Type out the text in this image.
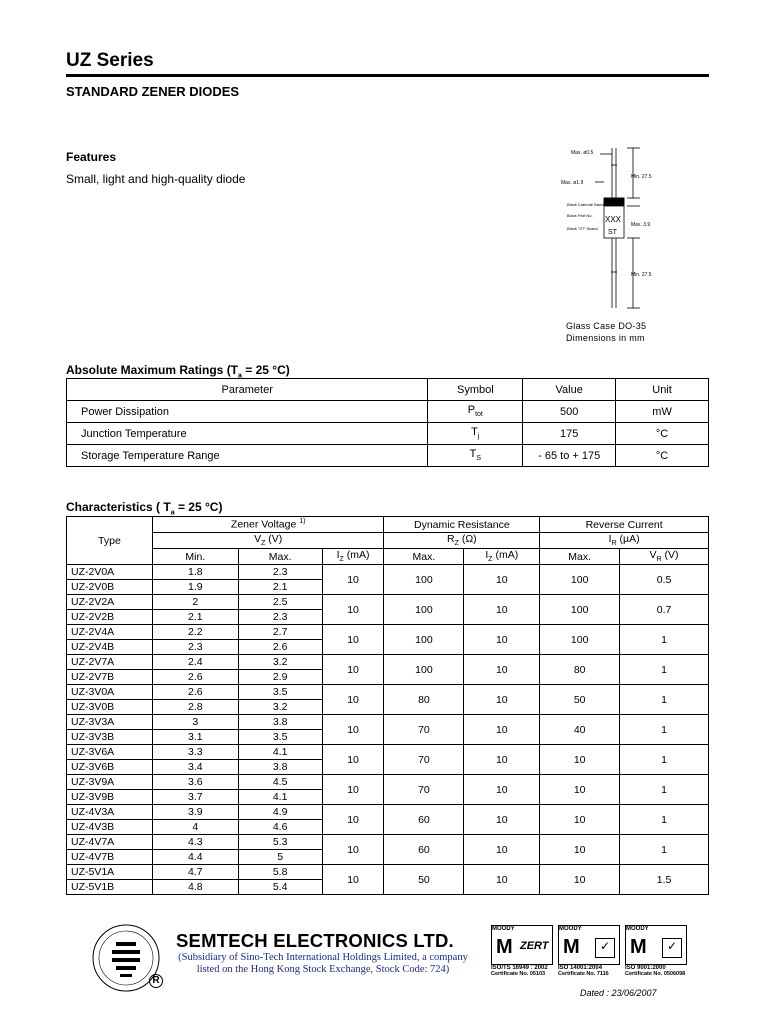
UZ Series
STANDARD ZENER DIODES
Features
Small, light and high-quality diode
Max. ø0.5
Min. 27.5
Max. ø1.9
Black Cathode Band
Black Part No.
Black "ST" Brand
XXX
ST
Max. 3.9
Min. 27.5
Glass Case DO-35
Dimensions in mm
Absolute Maximum Ratings ($T_a = 25$ °C)
Parameter	Symbol	Value	Unit
Power Dissipation	$P_{tot}$	500	mW
Junction Temperature	$T_j$	175	°C
Storage Temperature Range	$T_S$	- 65 to + 175	°C
Characteristics ( $T_a = 25$ °C)
Type	Zener Voltage $^{1)}$			Dynamic Resistance		Reverse Current	
	$V_Z$ (V)			$R_Z$ (Ω)		$I_R$ (µA)	
	Min.	Max.	$I_Z$ (mA)	Max.	$I_Z$ (mA)	Max.	$V_R$ (V)
UZ-2V0A	1.8	2.3	10	100	10	100	0.5
UZ-2V0B	1.9	2.1					
UZ-2V2A	2	2.5	10	100	10	100	0.7
UZ-2V2B	2.1	2.3					
UZ-2V4A	2.2	2.7	10	100	10	100	1
UZ-2V4B	2.3	2.6					
UZ-2V7A	2.4	3.2	10	100	10	80	1
UZ-2V7B	2.6	2.9					
UZ-3V0A	2.6	3.5	10	80	10	50	1
UZ-3V0B	2.8	3.2					
UZ-3V3A	3	3.8	10	70	10	40	1
UZ-3V3B	3.1	3.5					
UZ-3V6A	3.3	4.1	10	70	10	10	1
UZ-3V6B	3.4	3.8					
UZ-3V9A	3.6	4.5	10	70	10	10	1
UZ-3V9B	3.7	4.1					
UZ-4V3A	3.9	4.9	10	60	10	10	1
UZ-4V3B	4	4.6					
UZ-4V7A	4.3	5.3	10	60	10	10	1
UZ-4V7B	4.4	5					
UZ-5V1A	4.7	5.8	10	50	10	10	1.5
UZ-5V1B	4.8	5.4					
R
SEMTECH ELECTRONICS LTD.
(Subsidiary of Sino-Tech International Holdings Limited, a company
listed on the Hong Kong Stock Exchange, Stock Code: 724)
MOODY
M ZERT
ISO/TS 16949 : 2002
Certificate No. 05103
MOODY
M	✓
ISO 14001:2004
Certificate No. 7116
MOODY
M	✓
ISO 9001:2000
Certificate No. 0506098
Dated : 23/06/2007
